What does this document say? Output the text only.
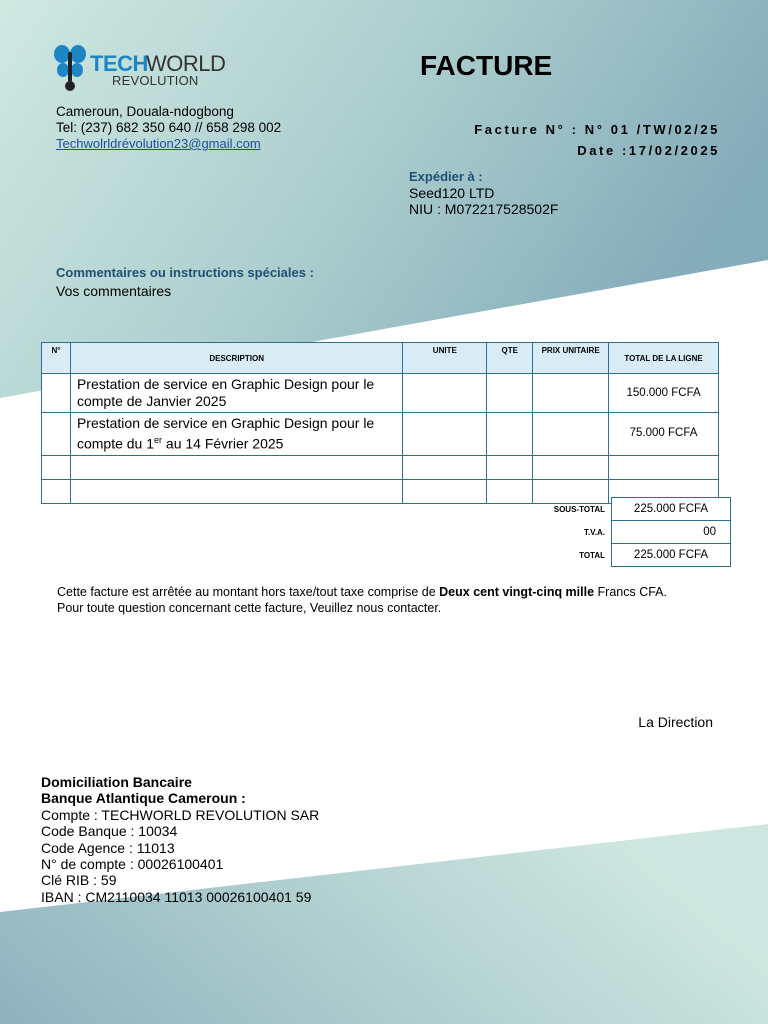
TECH
WORLD
REVOLUTION	FACTURE
Cameroun, Douala-ndogbong
Tel: (237) 682 350 640 // 658 298 002
Techwolrldrévolution23@gmail.com
Facture N° : N° 01 /TW/02/25
Date :17/02/2025
Expédier à :
Seed120 LTD
NIU : M072217528502F
Commentaires ou instructions spéciales :
Vos commentaires
N°	DESCRIPTION	UNITE	QTE	PRIX UNITAIRE	TOTAL DE LA LIGNE
	Prestation de service en Graphic Design pour le compte de Janvier 2025				150.000 FCFA
	Prestation de service en Graphic Design pour le compte du 1er au 14 Février 2025				75.000 FCFA

SOUS-TOTAL	225.000 FCFA
T.V.A.	00
TOTAL	225.000 FCFA
Cette facture est arrêtée au montant hors taxe/tout taxe comprise de Deux cent vingt-cinq mille Francs CFA.
Pour toute question concernant cette facture, Veuillez nous contacter.
La Direction
Domiciliation Bancaire
Banque Atlantique Cameroun :
Compte : TECHWORLD REVOLUTION SAR
Code Banque : 10034
Code Agence : 11013
N° de compte : 00026100401
Clé RIB : 59
IBAN : CM2110034 11013 00026100401 59
